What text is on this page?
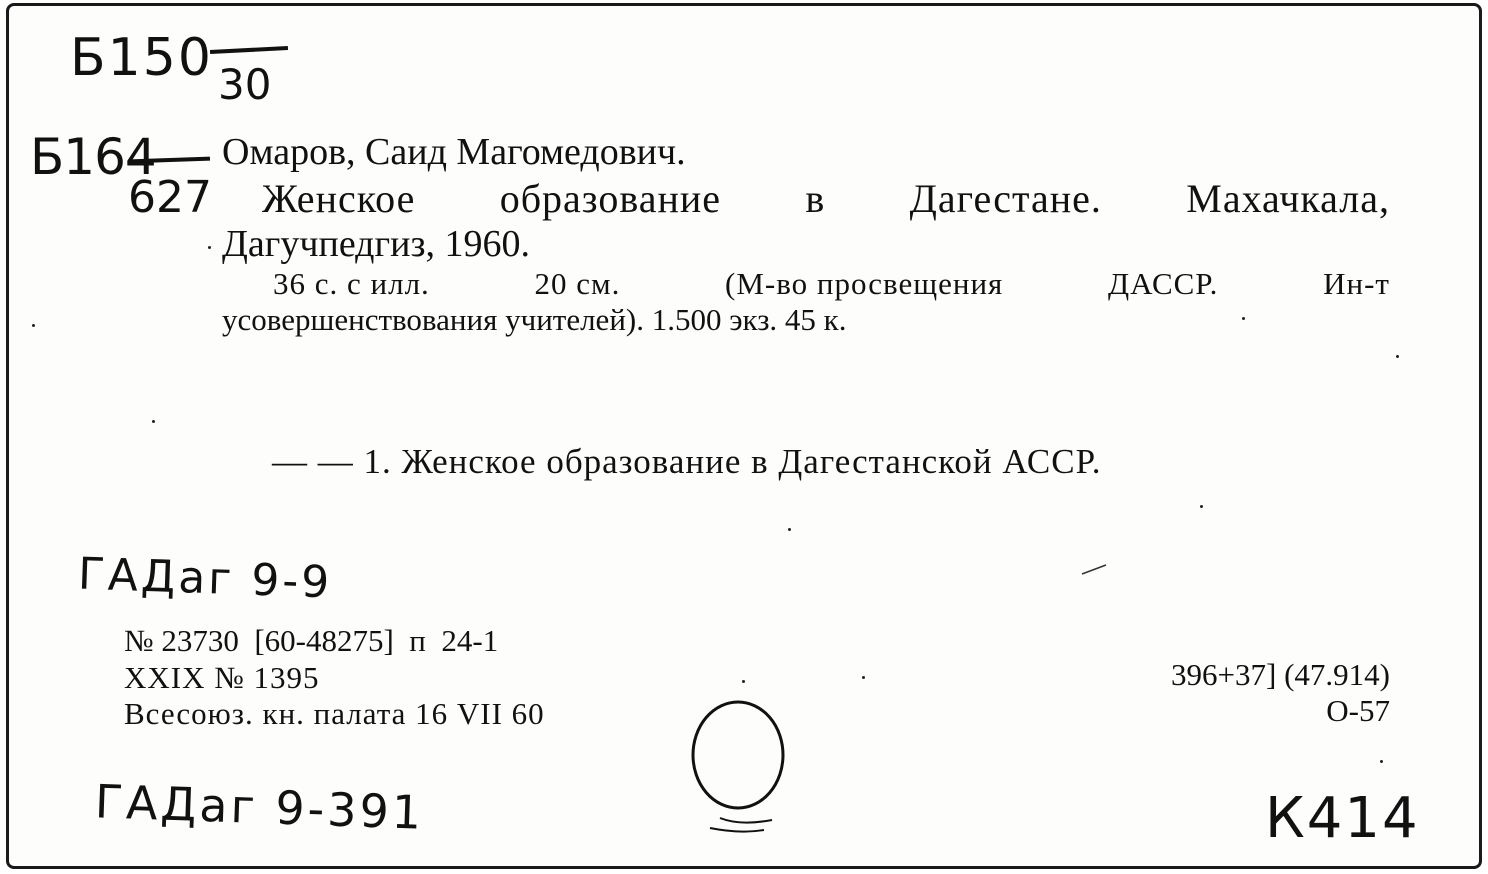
Б150 30
Б164
627
Омаров, Саид Магомедович.
Женское образование в Дагестане. Махачкала,
Дагучпедгиз, 1960.
36 с. с илл.	20 см.	(М-во просвещения	ДАССР.	Ин-т
усовершенствования учителей). 1.500 экз. 45 к.
— — 1. Женское образование в Дагестанской АССР.
ГАДаг 9-9
ГАДаг 9-391	К414
№ 23730  [60-48275]  п  24-1
XXIX № 1395
Всесоюз. кн. палата 16 VII 60
396+37] (47.914)
О-57
